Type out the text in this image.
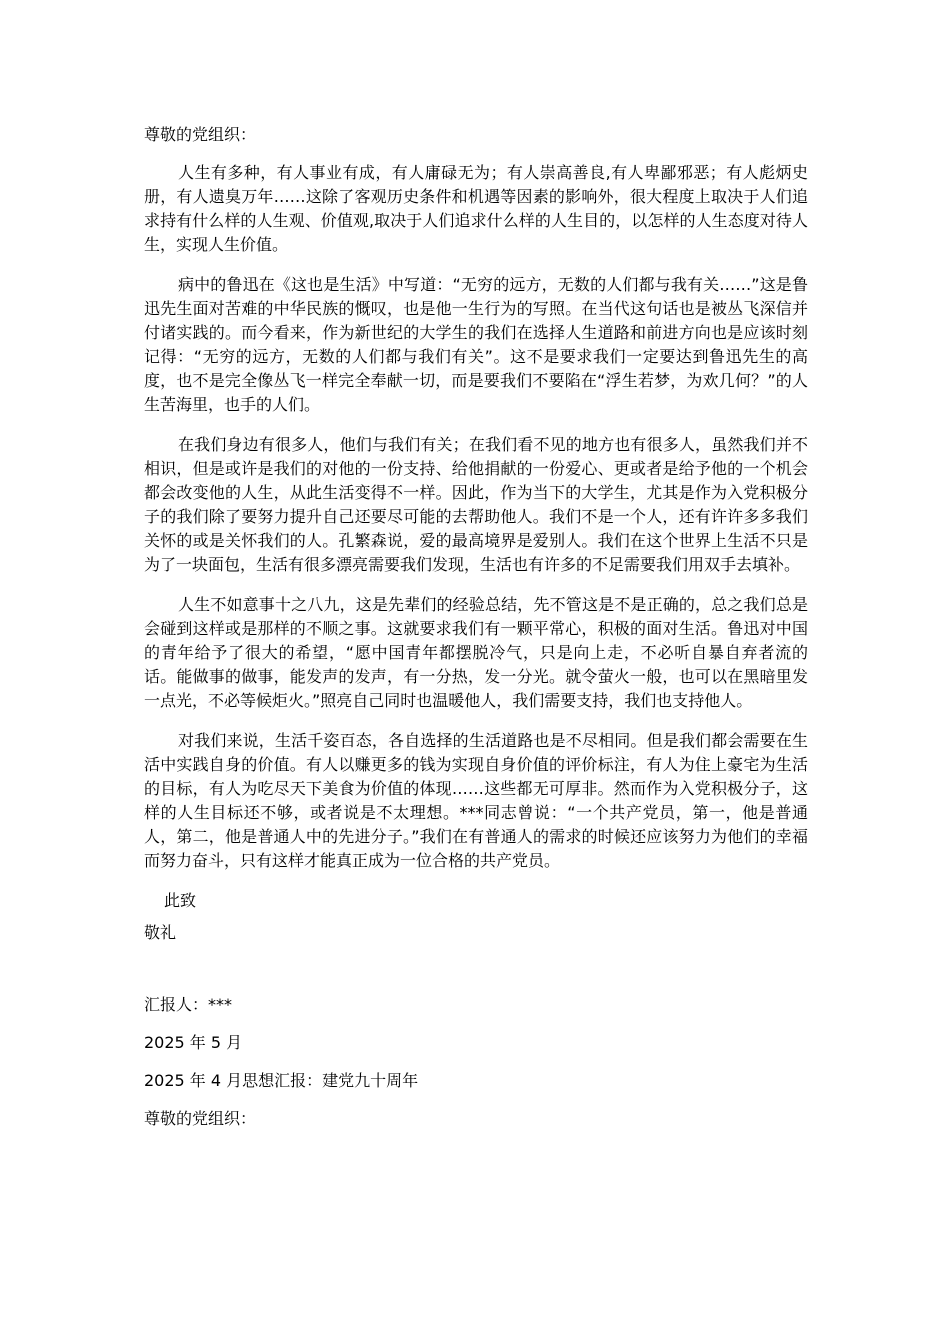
尊敬的党组织：

人生有多种，有人事业有成，有人庸碌无为；有人崇高善良,有人卑鄙邪恶；有人彪炳史册，有人遗臭万年……这除了客观历史条件和机遇等因素的影响外，很大程度上取决于人们追求持有什么样的人生观、价值观,取决于人们追求什么样的人生目的，以怎样的人生态度对待人生，实现人生价值。

病中的鲁迅在《这也是生活》中写道：“无穷的远方，无数的人们都与我有关……”这是鲁迅先生面对苦难的中华民族的慨叹，也是他一生行为的写照。在当代这句话也是被丛飞深信并付诸实践的。而今看来，作为新世纪的大学生的我们在选择人生道路和前进方向也是应该时刻记得：“无穷的远方，无数的人们都与我们有关”。这不是要求我们一定要达到鲁迅先生的高度，也不是完全像丛飞一样完全奉献一切，而是要我们不要陷在“浮生若梦，为欢几何？”的人生苦海里，也手的人们。

在我们身边有很多人，他们与我们有关；在我们看不见的地方也有很多人，虽然我们并不相识，但是或许是我们的对他的一份支持、给他捐献的一份爱心、更或者是给予他的一个机会都会改变他的人生，从此生活变得不一样。因此，作为当下的大学生，尤其是作为入党积极分子的我们除了要努力提升自己还要尽可能的去帮助他人。我们不是一个人，还有许许多多我们关怀的或是关怀我们的人。孔繁森说，爱的最高境界是爱别人。我们在这个世界上生活不只是为了一块面包，生活有很多漂亮需要我们发现，生活也有许多的不足需要我们用双手去填补。

人生不如意事十之八九，这是先辈们的经验总结，先不管这是不是正确的，总之我们总是会碰到这样或是那样的不顺之事。这就要求我们有一颗平常心，积极的面对生活。鲁迅对中国的青年给予了很大的希望，“愿中国青年都摆脱冷气，只是向上走，不必听自暴自弃者流的话。能做事的做事，能发声的发声，有一分热，发一分光。就令萤火一般，也可以在黑暗里发一点光，不必等候炬火。”照亮自己同时也温暖他人，我们需要支持，我们也支持他人。

对我们来说，生活千姿百态，各自选择的生活道路也是不尽相同。但是我们都会需要在生活中实践自身的价值。有人以赚更多的钱为实现自身价值的评价标注，有人为住上豪宅为生活的目标，有人为吃尽天下美食为价值的体现……这些都无可厚非。然而作为入党积极分子，这样的人生目标还不够，或者说是不太理想。***同志曾说：“一个共产党员，第一，他是普通人，第二，他是普通人中的先进分子。”我们在有普通人的需求的时候还应该努力为他们的幸福而努力奋斗，只有这样才能真正成为一位合格的共产党员。

此致

敬礼

汇报人：***

2025 年 5 月

2025 年 4 月思想汇报：建党九十周年

尊敬的党组织：
